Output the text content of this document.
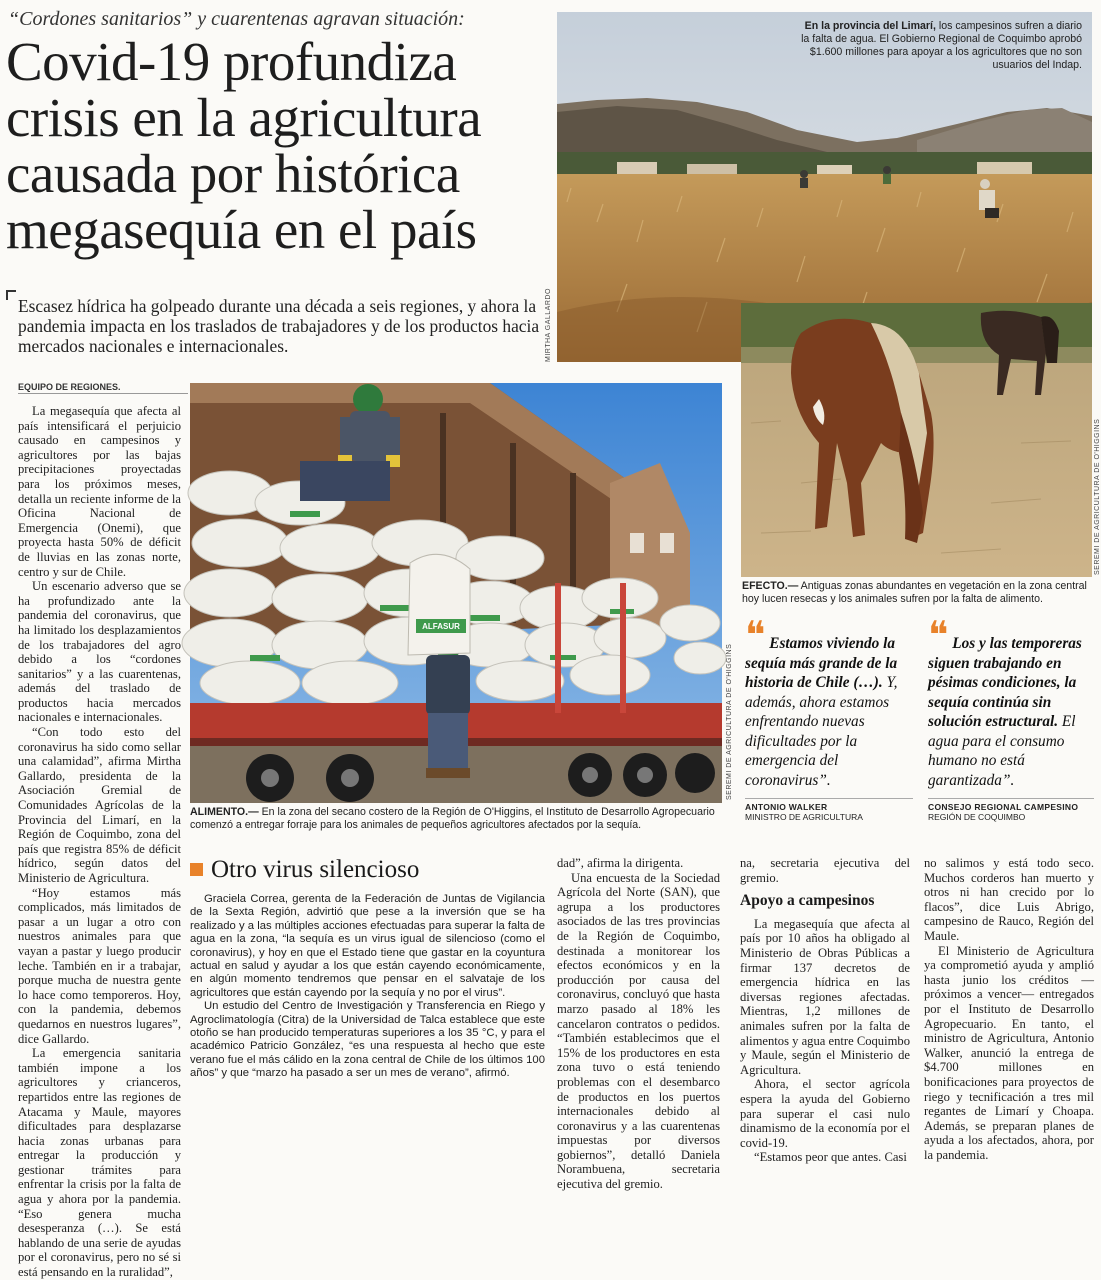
“Cordones sanitarios” y cuarentenas agravan situación:
Covid-19 profundiza crisis en la agricultura causada por histórica megasequía en el país
Escasez hídrica ha golpeado durante una década a seis regiones, y ahora la pandemia impacta en los traslados de trabajadores y de los productos hacia mercados nacionales e internacionales.
EQUIPO DE REGIONES.

La megasequía que afecta al país intensificará el perjuicio causado en campesinos y agricultores por las bajas precipitaciones proyectadas para los próximos meses, detalla un reciente informe de la Oficina Nacional de Emergencia (Onemi), que proyecta hasta 50% de déficit de lluvias en las zonas norte, centro y sur de Chile.

Un escenario adverso que se ha profundizado ante la pandemia del coronavirus, que ha limitado los desplazamientos de los trabajadores del agro debido a los “cordones sanitarios” y a las cuarentenas, además del traslado de productos hacia mercados nacionales e internacionales.

“Con todo esto del coronavirus ha sido como sellar una calamidad”, afirma Mirtha Gallardo, presidenta de la Asociación Gremial de Comunidades Agrícolas de la Provincia del Limarí, en la Región de Coquimbo, zona del país que registra 85% de déficit hídrico, según datos del Ministerio de Agricultura.

“Hoy estamos más complicados, más limitados de pasar a un lugar a otro con nuestros animales para que vayan a pastar y luego producir leche. También en ir a trabajar, porque mucha de nuestra gente lo hace como temporeros. Hoy, con la pandemia, debemos quedarnos en nuestros lugares”, dice Gallardo.

La emergencia sanitaria también impone a los agricultores y crianceros, repartidos entre las regiones de Atacama y Maule, mayores dificultades para desplazarse hacia zonas urbanas para entregar la producción y gestionar trámites para enfrentar la crisis por la falta de agua y ahora por la pandemia. “Eso genera mucha desesperanza (…). Se está hablando de una serie de ayudas por el coronavirus, pero no sé si está pensando en la ruralidad”,

En la provincia del Limarí, los campesinos sufren a diario la falta de agua. El Gobierno Regional de Coquimbo aprobó $1.600 millones para apoyar a los agricultores que no son usuarios del Indap.
MIRTHA GALLARDO
SEREMI DE AGRICULTURA DE O'HIGGINS
EFECTO.— Antiguas zonas abundantes en vegetación en la zona central hoy lucen resecas y los animales sufren por la falta de alimento.
ALFASUR
SEREMI DE AGRICULTURA DE O'HIGGINS
ALIMENTO.— En la zona del secano costero de la Región de O'Higgins, el Instituto de Desarrollo Agropecuario comenzó a entregar forraje para los animales de pequeños agricultores afectados por la sequía.
❝ Estamos viviendo la sequía más grande de la historia de Chile (…). Y, además, ahora estamos enfrentando nuevas dificultades por la emergencia del coronavirus”.
ANTONIO WALKER
MINISTRO DE AGRICULTURA
❝ Los y las temporeras siguen trabajando en pésimas condiciones, la sequía continúa sin solución estructural. El agua para el consumo humano no está garantizada”.
CONSEJO REGIONAL CAMPESINO
REGIÓN DE COQUIMBO
Otro virus silencioso

Graciela Correa, gerenta de la Federación de Juntas de Vigilancia de la Sexta Región, advirtió que pese a la inversión que se ha realizado y a las múltiples acciones efectuadas para superar la falta de agua en la zona, “la sequía es un virus igual de silencioso (como el coronavirus), y hoy en que el Estado tiene que gastar en la coyuntura actual en salud y ayudar a los que están cayendo económicamente, en algún momento tendremos que pensar en el salvataje de los agricultores que están cayendo por la sequía y no por el virus”.

Un estudio del Centro de Investigación y Transferencia en Riego y Agroclimatología (Citra) de la Universidad de Talca establece que este otoño se han producido temperaturas superiores a los 35 °C, y para el académico Patricio González, “es una respuesta al hecho que este verano fue el más cálido en la zona central de Chile de los últimos 100 años” y que “marzo ha pasado a ser un mes de verano”, afirmó.

dad”, afirma la dirigenta.

Una encuesta de la Sociedad Agrícola del Norte (SAN), que agrupa a los productores asociados de las tres provincias de la Región de Coquimbo, destinada a monitorear los efectos económicos y en la producción por causa del coronavirus, concluyó que hasta marzo pasado al 18% les cancelaron contratos o pedidos. “También establecimos que el 15% de los productores en esta zona tuvo o está teniendo problemas con el desembarco de productos en los puertos internacionales debido al coronavirus y a las cuarentenas impuestas por diversos gobiernos”, detalló Daniela Norambuena, secretaria ejecutiva del gremio.

na, secretaria ejecutiva del gremio.

Apoyo a campesinos

La megasequía que afecta al país por 10 años ha obligado al Ministerio de Obras Públicas a firmar 137 decretos de emergencia hídrica en las diversas regiones afectadas. Mientras, 1,2 millones de animales sufren por la falta de alimentos y agua entre Coquimbo y Maule, según el Ministerio de Agricultura.

Ahora, el sector agrícola espera la ayuda del Gobierno para superar el casi nulo dinamismo de la economía por el covid-19.

“Estamos peor que antes. Casi

no salimos y está todo seco. Muchos corderos han muerto y otros ni han crecido por lo flacos”, dice Luis Abrigo, campesino de Rauco, Región del Maule.

El Ministerio de Agricultura ya comprometió ayuda y amplió hasta junio los créditos —próximos a vencer— entregados por el Instituto de Desarrollo Agropecuario. En tanto, el ministro de Agricultura, Antonio Walker, anunció la entrega de $4.700 millones en bonificaciones para proyectos de riego y tecnificación a tres mil regantes de Limarí y Choapa. Además, se preparan planes de ayuda a los afectados, ahora, por la pandemia.
